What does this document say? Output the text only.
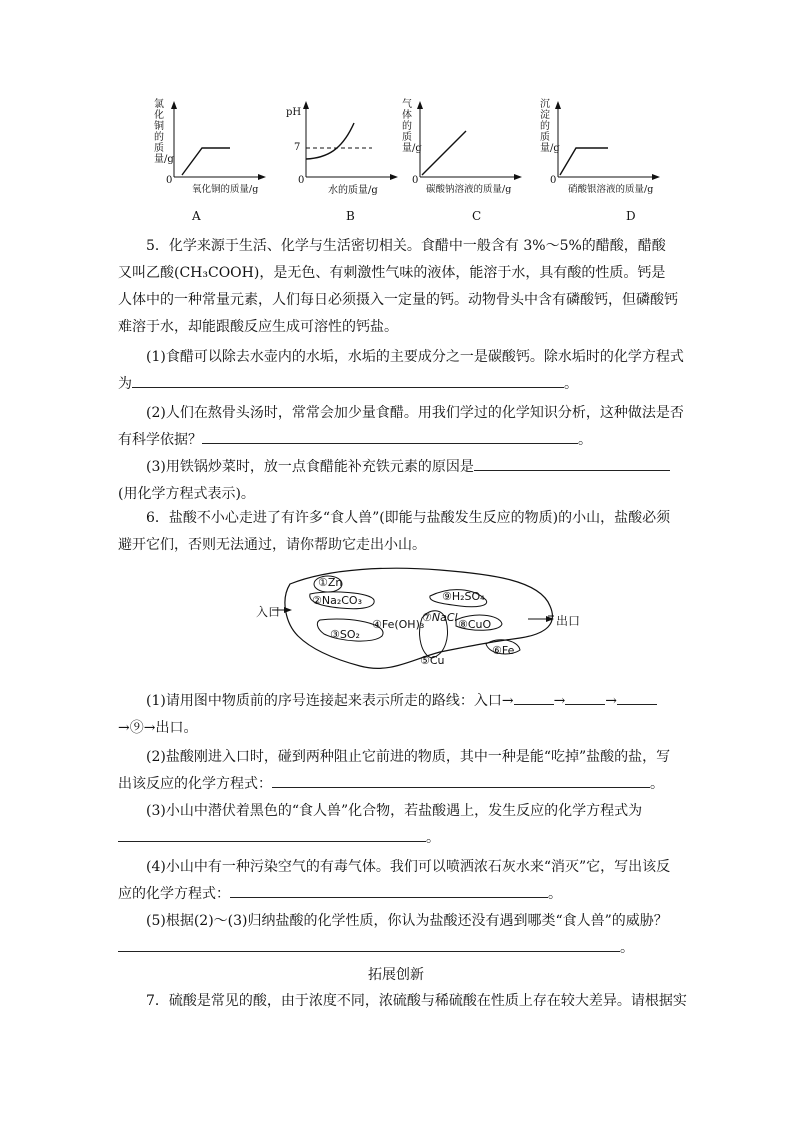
氯化铜的质量/g
0
氧化铜的质量/g
A
pH
7
0
水的质量/g
B
气体的质量/g
0
碳酸钠溶液的质量/g
C
沉淀的质量/g
0
硝酸银溶液的质量/g
D
5．化学来源于生活、化学与生活密切相关。食醋中一般含有 3%～5%的醋酸，醋酸又叫乙酸(CH₃COOH)，是无色、有刺激性气味的液体，能溶于水，具有酸的性质。钙是人体中的一种常量元素，人们每日必须摄入一定量的钙。动物骨头中含有磷酸钙，但磷酸钙难溶于水，却能跟酸反应生成可溶性的钙盐。
(1)食醋可以除去水壶内的水垢，水垢的主要成分之一是碳酸钙。除水垢时的化学方程式
为	。
(2)人们在熬骨头汤时，常常会加少量食醋。用我们学过的化学知识分析，这种做法是否
有科学依据？	。
(3)用铁锅炒菜时，放一点食醋能补充铁元素的原因是
(用化学方程式表示)。
6．盐酸不小心走进了有许多“食人兽”(即能与盐酸发生反应的物质)的小山，盐酸必须避开它们，否则无法通过，请你帮助它走出小山。
入口
出口
①Zn
②Na₂CO₃
③SO₂
④Fe(OH)₃
⑤Cu
⑥Fe
⑦NaCl
⑧CuO
⑨H₂SO₄
(1)请用图中物质前的序号连接起来表示所走的路线：入口→	→	→
→⑨→出口。
(2)盐酸刚进入口时，碰到两种阻止它前进的物质，其中一种是能“吃掉”盐酸的盐，写
出该反应的化学方程式：	。
(3)小山中潜伏着黑色的“食人兽”化合物，若盐酸遇上，发生反应的化学方程式为
。
(4)小山中有一种污染空气的有毒气体。我们可以喷洒浓石灰水来“消灭”它，写出该反
应的化学方程式：	。
(5)根据(2)～(3)归纳盐酸的化学性质，你认为盐酸还没有遇到哪类“食人兽”的威胁？
。
拓展创新
7．硫酸是常见的酸，由于浓度不同，浓硫酸与稀硫酸在性质上存在较大差异。请根据实
